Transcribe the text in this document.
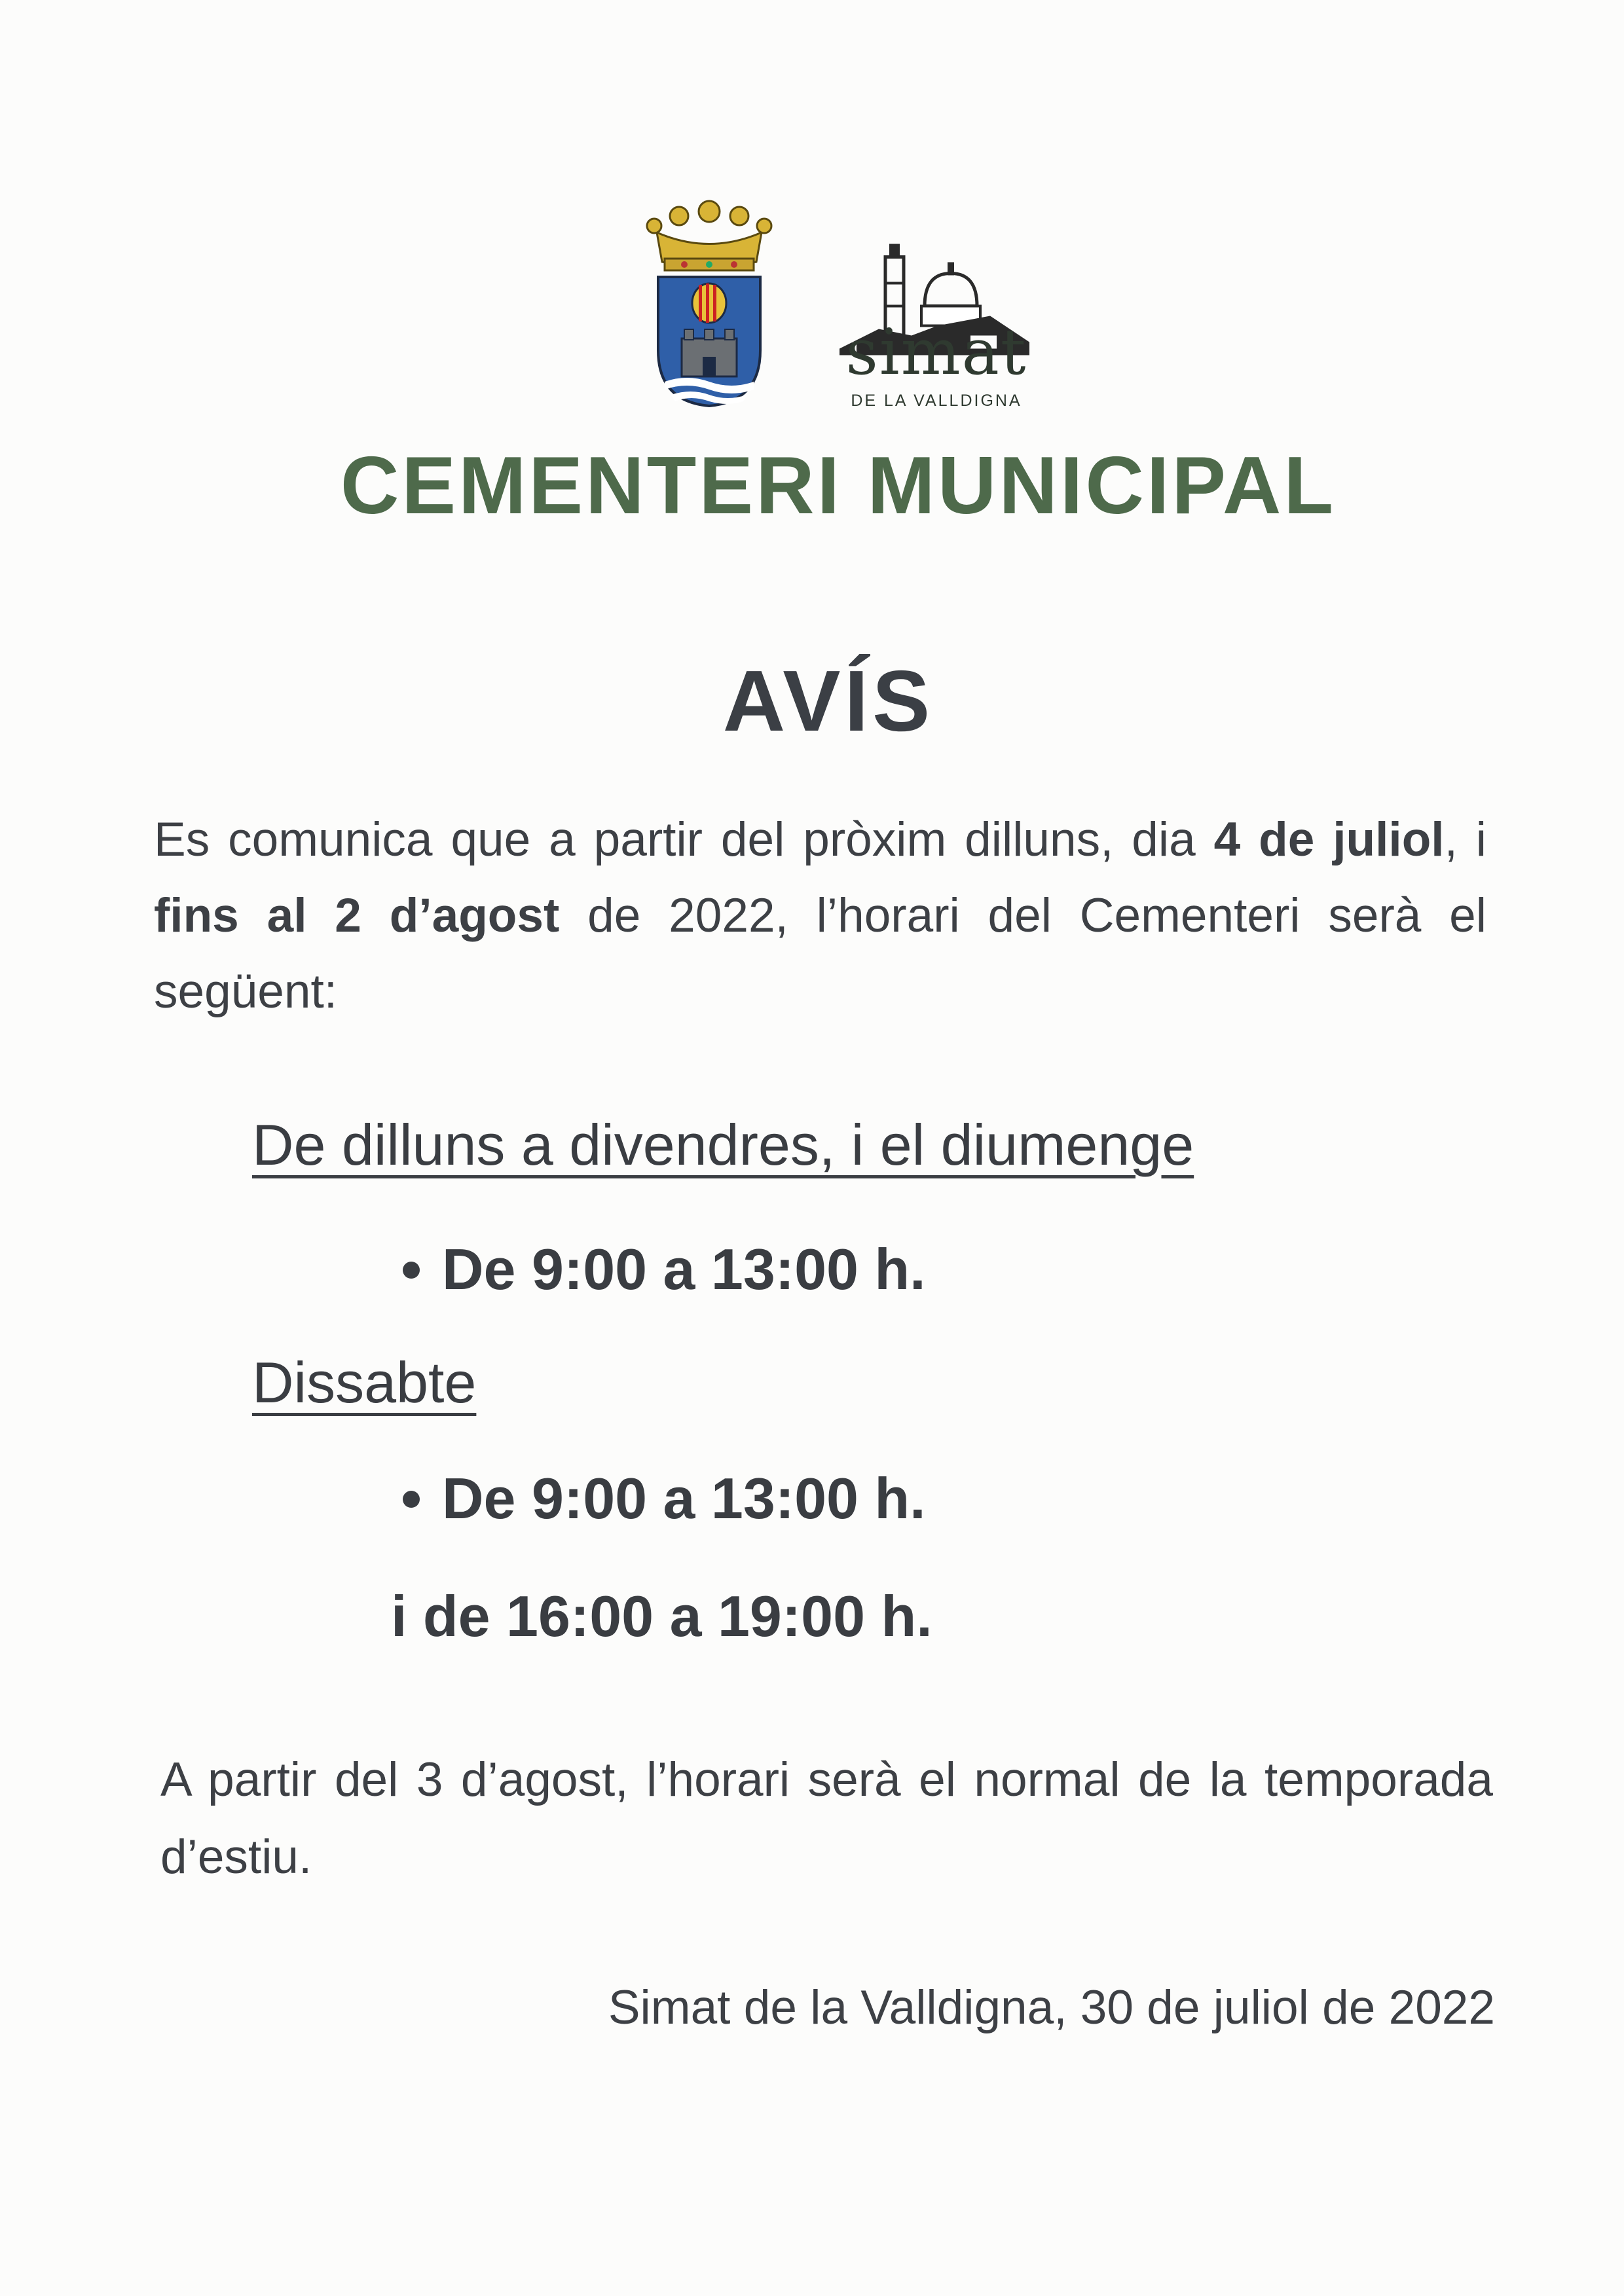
simat
DE LA VALLDIGNA
CEMENTERI MUNICIPAL
AVÍS
Es comunica que a partir del pròxim dilluns, dia 4 de juliol, i fins al 2 d’agost de 2022, l’horari del Cementeri serà el següent:
De dilluns a divendres, i el diumenge
De 9:00 a 13:00 h.
Dissabte
De 9:00 a 13:00 h.
i de 16:00 a 19:00 h.
A partir del 3 d’agost, l’horari serà el normal de la temporada d’estiu.
Simat de la Valldigna, 30 de juliol de 2022
